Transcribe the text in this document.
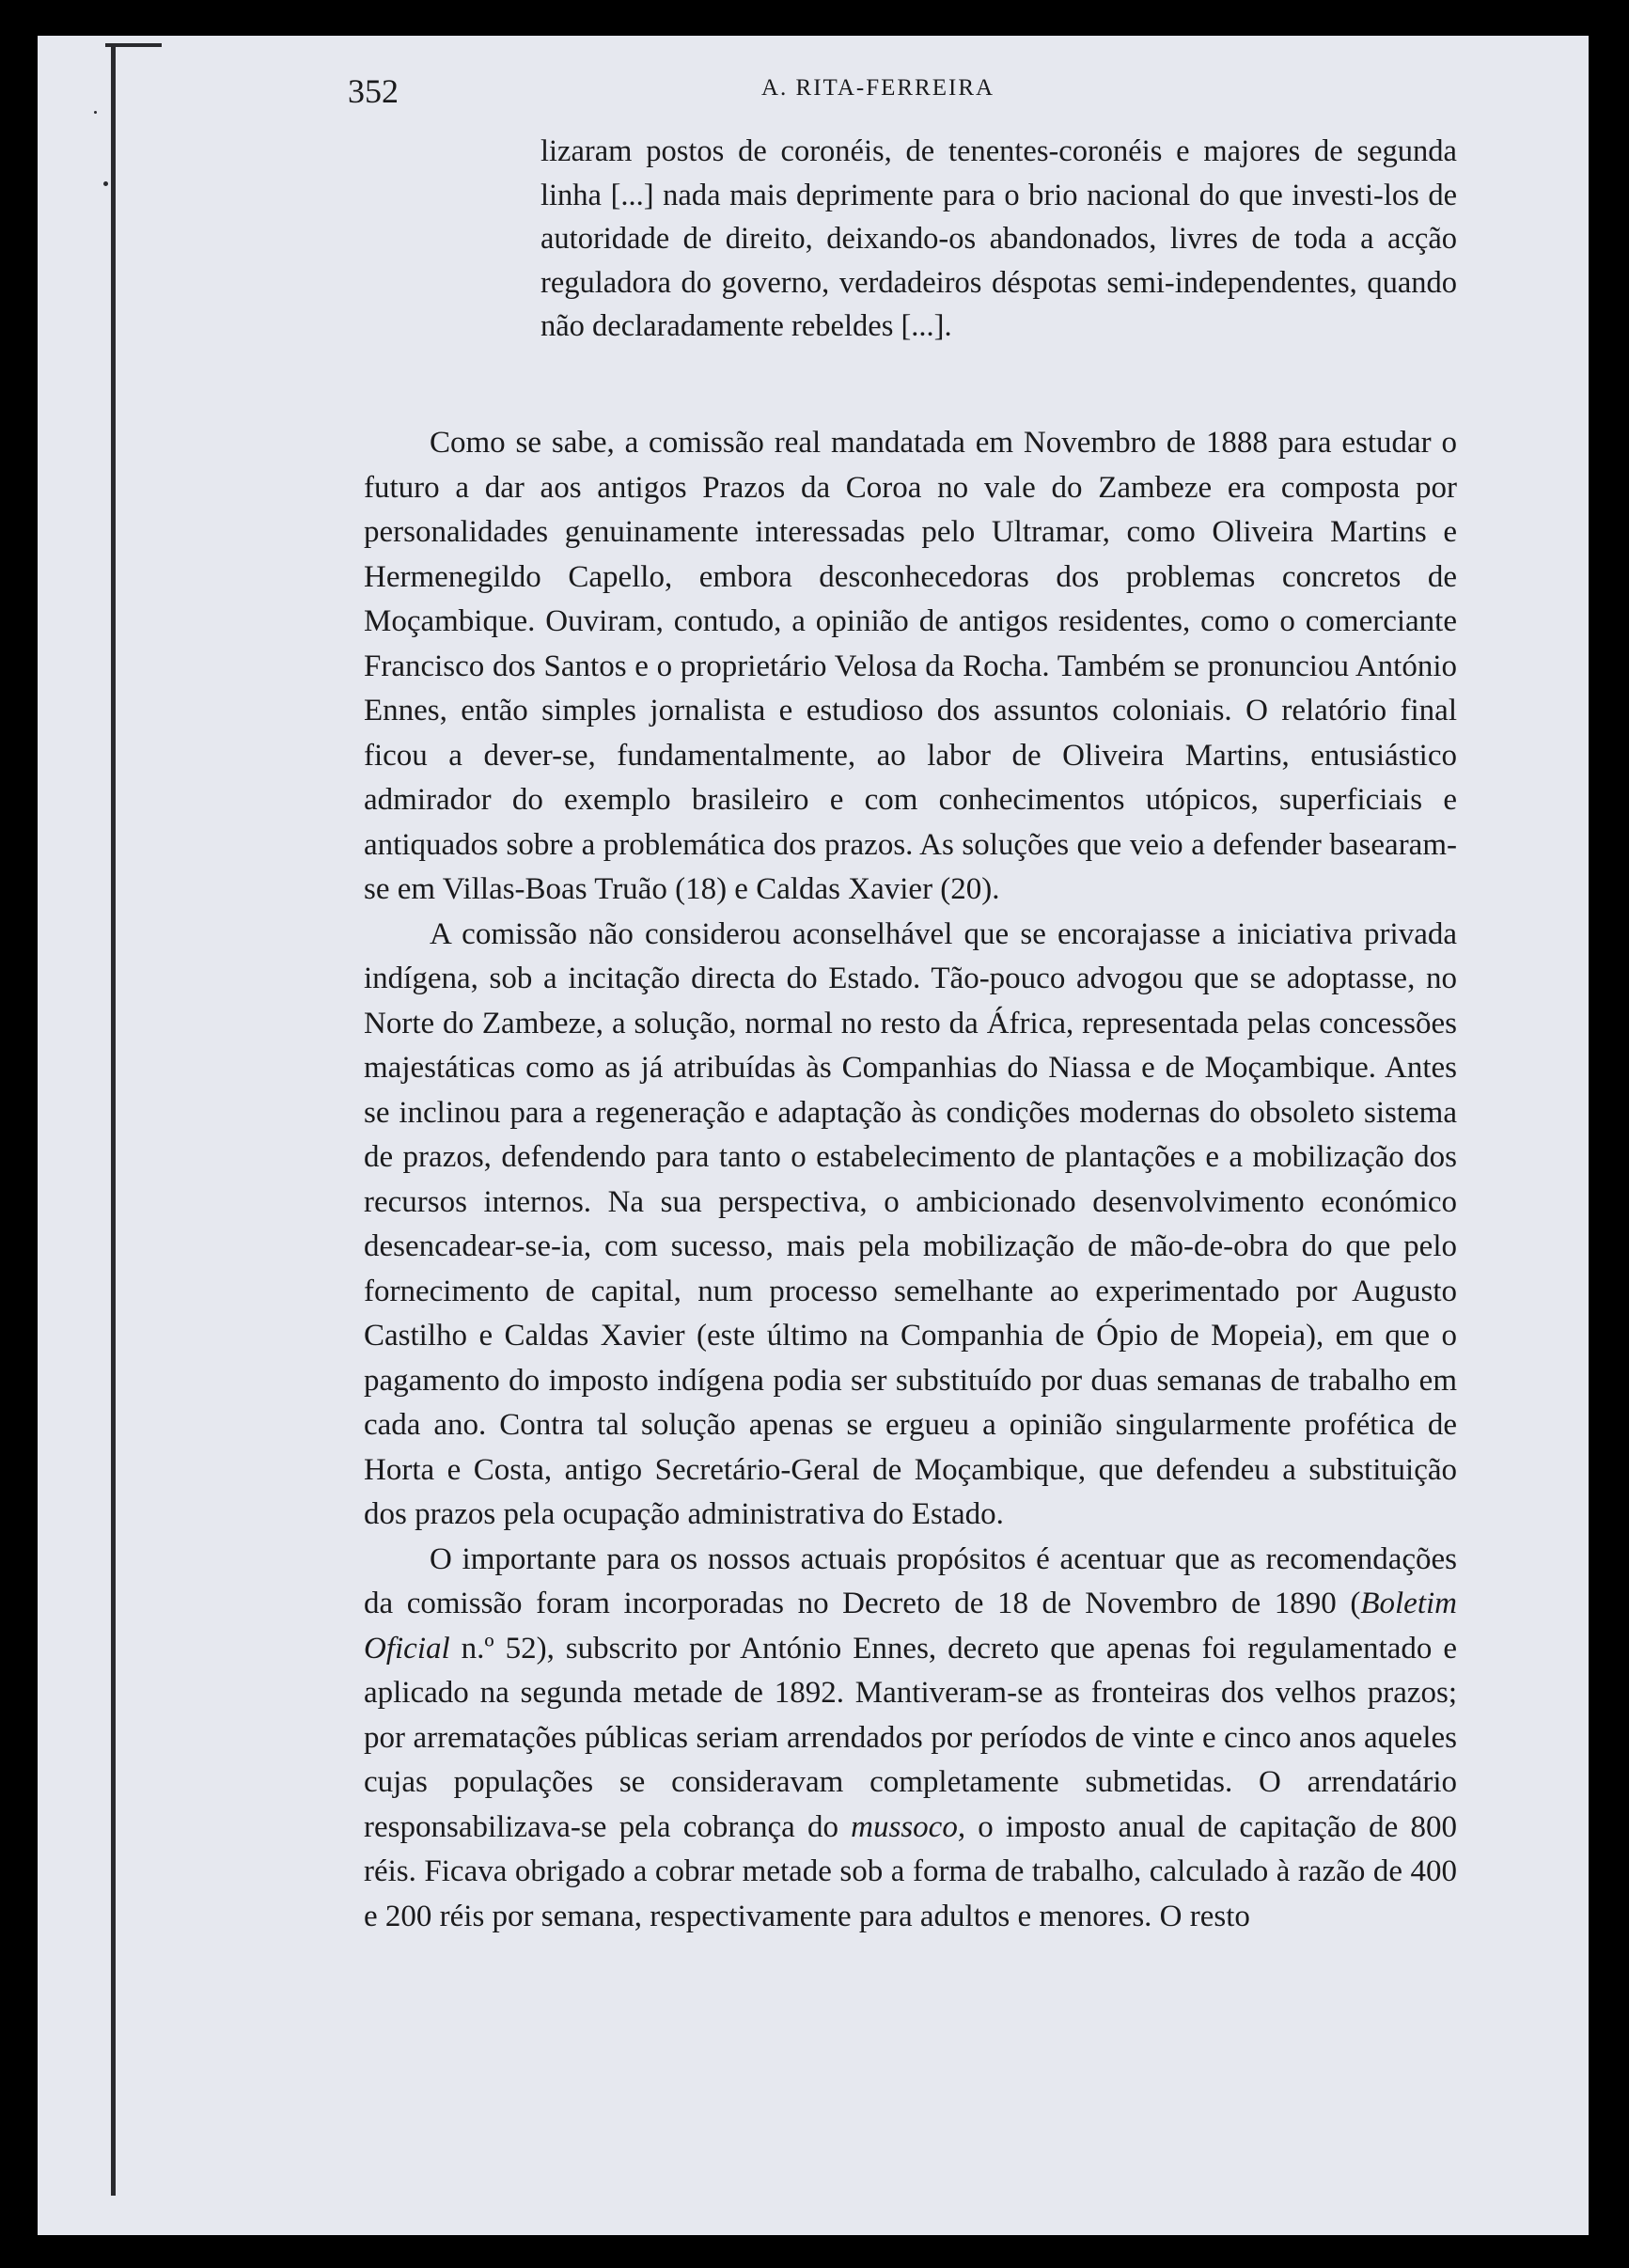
352	A. RITA-FERREIRA

lizaram postos de coronéis, de tenentes-coronéis e majores de segunda linha [...] nada mais deprimente para o brio nacional do que investi-los de autoridade de direito, deixando-os abandonados, livres de toda a acção reguladora do governo, verdadeiros déspotas semi-independentes, quando não declaradamente rebeldes [...].

Como se sabe, a comissão real mandatada em Novembro de 1888 para estudar o futuro a dar aos antigos Prazos da Coroa no vale do Zambeze era composta por personalidades genuinamente interessadas pelo Ultramar, como Oliveira Martins e Hermenegildo Capello, embora desconhecedoras dos problemas concretos de Moçambique. Ouviram, contudo, a opinião de antigos residentes, como o comerciante Francisco dos Santos e o proprietário Velosa da Rocha. Também se pronunciou António Ennes, então simples jornalista e estudioso dos assuntos coloniais. O relatório final ficou a dever-se, fundamentalmente, ao labor de Oliveira Martins, entusiástico admirador do exemplo brasileiro e com conhecimentos utópicos, superficiais e antiquados sobre a problemática dos prazos. As soluções que veio a defender basearam-se em Villas-Boas Truão (18) e Caldas Xavier (20).

A comissão não considerou aconselhável que se encorajasse a iniciativa privada indígena, sob a incitação directa do Estado. Tão-pouco advogou que se adoptasse, no Norte do Zambeze, a solução, normal no resto da África, representada pelas concessões majestáticas como as já atribuídas às Companhias do Niassa e de Moçambique. Antes se inclinou para a regeneração e adaptação às condições modernas do obsoleto sistema de prazos, defendendo para tanto o estabelecimento de plantações e a mobilização dos recursos internos. Na sua perspectiva, o ambicionado desenvolvimento económico desencadear-se-ia, com sucesso, mais pela mobilização de mão-de-obra do que pelo fornecimento de capital, num processo semelhante ao experimentado por Augusto Castilho e Caldas Xavier (este último na Companhia de Ópio de Mopeia), em que o pagamento do imposto indígena podia ser substituído por duas semanas de trabalho em cada ano. Contra tal solução apenas se ergueu a opinião singularmente profética de Horta e Costa, antigo Secretário-Geral de Moçambique, que defendeu a substituição dos prazos pela ocupação administrativa do Estado.

O importante para os nossos actuais propósitos é acentuar que as recomendações da comissão foram incorporadas no Decreto de 18 de Novembro de 1890 (Boletim Oficial n.º 52), subscrito por António Ennes, decreto que apenas foi regulamentado e aplicado na segunda metade de 1892. Mantiveram-se as fronteiras dos velhos prazos; por arrematações públicas seriam arrendados por períodos de vinte e cinco anos aqueles cujas populações se consideravam completamente submetidas. O arrendatário responsabilizava-se pela cobrança do mussoco, o imposto anual de capitação de 800 réis. Ficava obrigado a cobrar metade sob a forma de trabalho, calculado à razão de 400 e 200 réis por semana, respectivamente para adultos e menores. O resto
